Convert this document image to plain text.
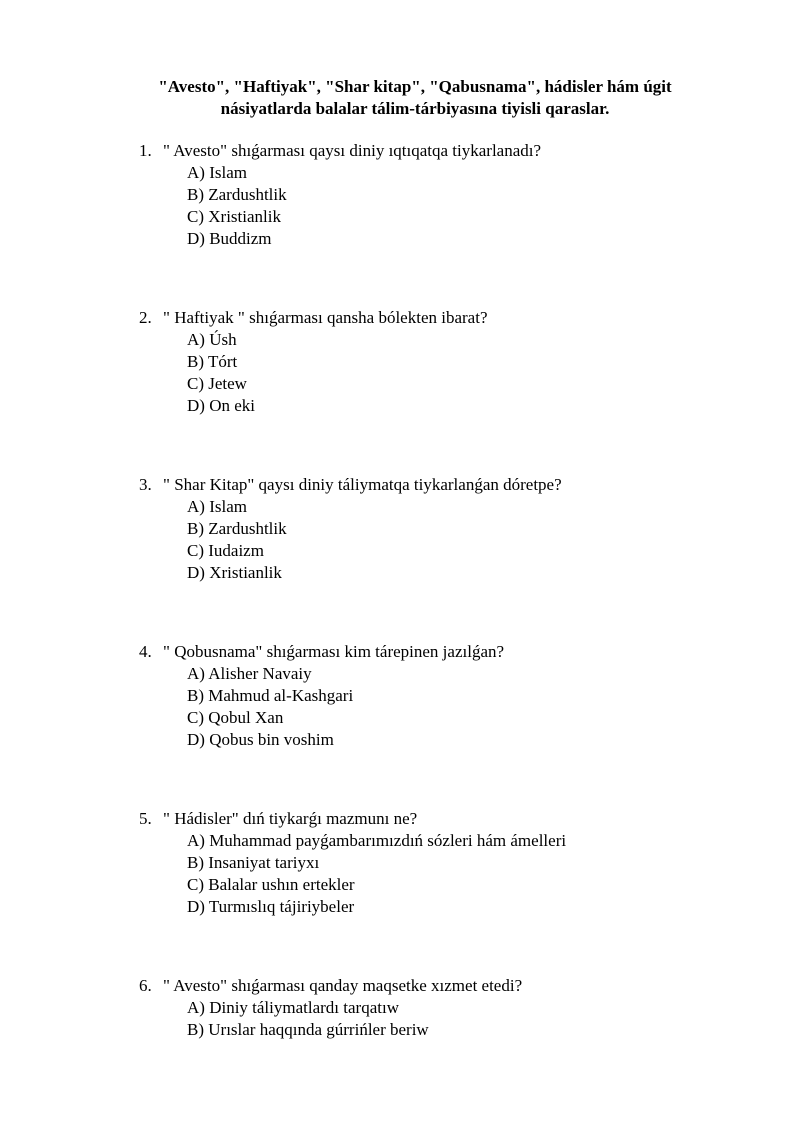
"Avesto", "Haftiyak", "Shar kitap", "Qabusnama", hádisler hám úgit
násiyatlarda balalar tálim-tárbiyasına tiyisli qaraslar.
1. " Avesto" shıǵarması qaysı diniy ıqtıqatqa tiykarlanadı?
A) Islam
B) Zardushtlik
C) Xristianlik
D) Buddizm
2. " Haftiyak " shıǵarması qansha bólekten ibarat?
A) Úsh
B) Tórt
C) Jetew
D) On eki
3. " Shar Kitap" qaysı diniy táliymatqa tiykarlanǵan dóretpe?
A) Islam
B) Zardushtlik
C) Iudaizm
D) Xristianlik
4. " Qobusnama" shıǵarması kim tárepinen jazılǵan?
A) Alisher Navaiy
B) Mahmud al-Kashgari
C) Qobul Xan
D) Qobus bin voshim
5. " Hádisler" dıń tiykarǵı mazmunı ne?
A) Muhammad payǵambarımızdıń sózleri hám ámelleri
B) Insaniyat tariyxı
C) Balalar ushın ertekler
D) Turmıslıq tájiriybeler
6. " Avesto" shıǵarması qanday maqsetke xızmet etedi?
A) Diniy táliymatlardı tarqatıw
B) Urıslar haqqında gúrrińler beriw
